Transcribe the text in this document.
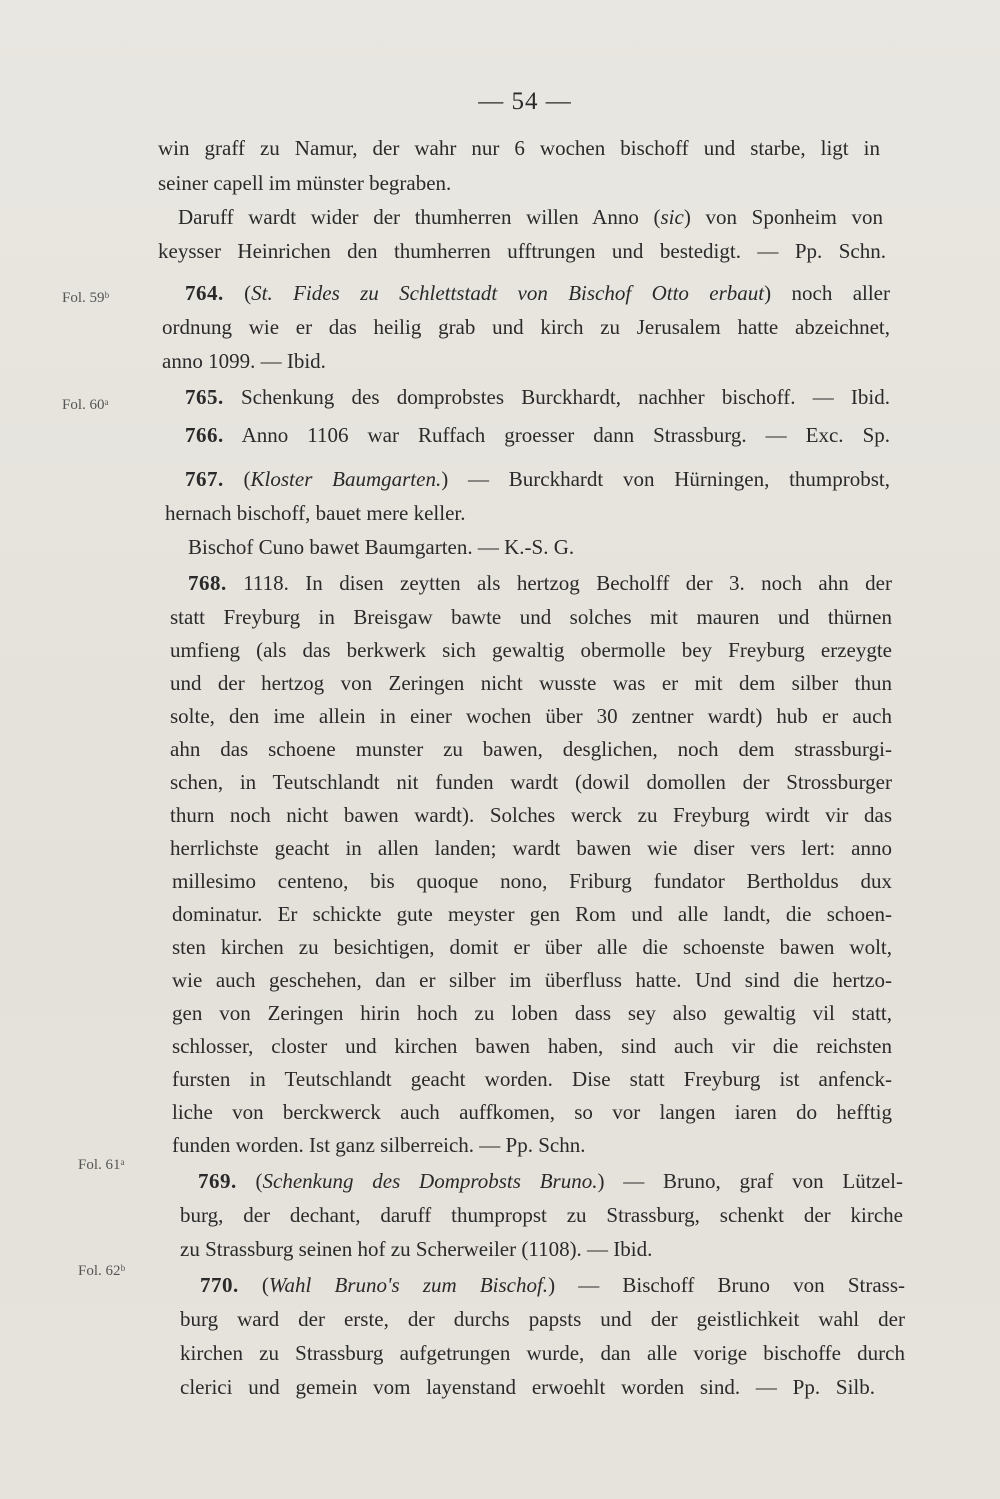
— 54 —
Fol. 59ᵇ
Fol. 60ᵃ
Fol. 61ᵃ
Fol. 62ᵇ
win graff zu Namur, der wahr nur 6 wochen bischoff und starbe, ligt in
seiner capell im münster begraben.
Daruff wardt wider der thumherren willen Anno (sic) von Sponheim von
keysser Heinrichen den thumherren ufftrungen und bestedigt. — Pp. Schn.
764. (St. Fides zu Schlettstadt von Bischof Otto erbaut) noch aller
ordnung wie er das heilig grab und kirch zu Jerusalem hatte abzeichnet,
anno 1099. — Ibid.
765. Schenkung des domprobstes Burckhardt, nachher bischoff. — Ibid.
766. Anno 1106 war Ruffach groesser dann Strassburg. — Exc. Sp.
767. (Kloster Baumgarten.) — Burckhardt von Hürningen, thumprobst,
hernach bischoff, bauet mere keller.
Bischof Cuno bawet Baumgarten. — K.-S. G.
768. 1118. In disen zeytten als hertzog Becholff der 3. noch ahn der
statt Freyburg in Breisgaw bawte und solches mit mauren und thürnen
umfieng (als das berkwerk sich gewaltig obermolle bey Freyburg erzeygte
und der hertzog von Zeringen nicht wusste was er mit dem silber thun
solte, den ime allein in einer wochen über 30 zentner wardt) hub er auch
ahn das schoene munster zu bawen, desglichen, noch dem strassburgi-
schen, in Teutschlandt nit funden wardt (dowil domollen der Strossburger
thurn noch nicht bawen wardt). Solches werck zu Freyburg wirdt vir das
herrlichste geacht in allen landen; wardt bawen wie diser vers lert: anno
millesimo centeno, bis quoque nono, Friburg fundator Bertholdus dux
dominatur. Er schickte gute meyster gen Rom und alle landt, die schoen-
sten kirchen zu besichtigen, domit er über alle die schoenste bawen wolt,
wie auch geschehen, dan er silber im überfluss hatte. Und sind die hertzo-
gen von Zeringen hirin hoch zu loben dass sey also gewaltig vil statt,
schlosser, closter und kirchen bawen haben, sind auch vir die reichsten
fursten in Teutschlandt geacht worden. Dise statt Freyburg ist anfenck-
liche von berckwerck auch auffkomen, so vor langen iaren do hefftig
funden worden. Ist ganz silberreich. — Pp. Schn.
769. (Schenkung des Domprobsts Bruno.) — Bruno, graf von Lützel-
burg, der dechant, daruff thumpropst zu Strassburg, schenkt der kirche
zu Strassburg seinen hof zu Scherweiler (1108). — Ibid.
770. (Wahl Bruno's zum Bischof.) — Bischoff Bruno von Strass-
burg ward der erste, der durchs papsts und der geistlichkeit wahl der
kirchen zu Strassburg aufgetrungen wurde, dan alle vorige bischoffe durch
clerici und gemein vom layenstand erwoehlt worden sind. — Pp. Silb.
